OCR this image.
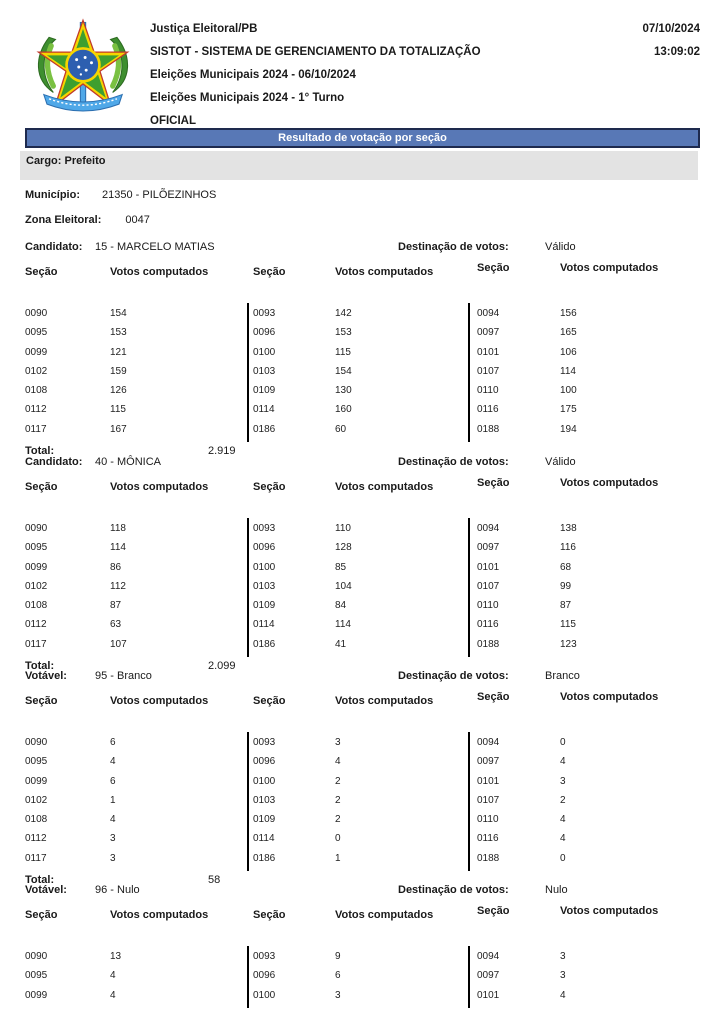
Justiça Eleitoral/PB
SISTOT - SISTEMA DE GERENCIAMENTO DA TOTALIZAÇÃO
Eleições Municipais 2024 - 06/10/2024
Eleições Municipais 2024 - 1° Turno
OFICIAL
07/10/2024
13:09:02
Resultado de votação por seção
Cargo: Prefeito
Município: 21350 - PILÕEZINHOS
Zona Eleitoral: 0047
Candidato: 15 - MARCELO MATIAS	Destinação de votos:	Válido
Seção	Votos computados	Seção	Votos computados	Seção	Votos computados
0090	154	0093	142	0094	156
0095	153	0096	153	0097	165
0099	121	0100	115	0101	106
0102	159	0103	154	0107	114
0108	126	0109	130	0110	100
0112	115	0114	160	0116	175
0117	167	0186	60	0188	194
Total:	2.919
Candidato: 40 - MÔNICA	Destinação de votos:	Válido
Seção	Votos computados	Seção	Votos computados	Seção	Votos computados
0090	118	0093	110	0094	138
0095	114	0096	128	0097	116
0099	86	0100	85	0101	68
0102	112	0103	104	0107	99
0108	87	0109	84	0110	87
0112	63	0114	114	0116	115
0117	107	0186	41	0188	123
Total:	2.099
Votável:	95 - Branco	Destinação de votos:	Branco
Seção	Votos computados	Seção	Votos computados	Seção	Votos computados
0090	6	0093	3	0094	0
0095	4	0096	4	0097	4
0099	6	0100	2	0101	3
0102	1	0103	2	0107	2
0108	4	0109	2	0110	4
0112	3	0114	0	0116	4
0117	3	0186	1	0188	0
Total:	58
Votável:	96 - Nulo	Destinação de votos:	Nulo
Seção	Votos computados	Seção	Votos computados	Seção	Votos computados
0090	13	0093	9	0094	3
0095	4	0096	6	0097	3
0099	4	0100	3	0101	4
